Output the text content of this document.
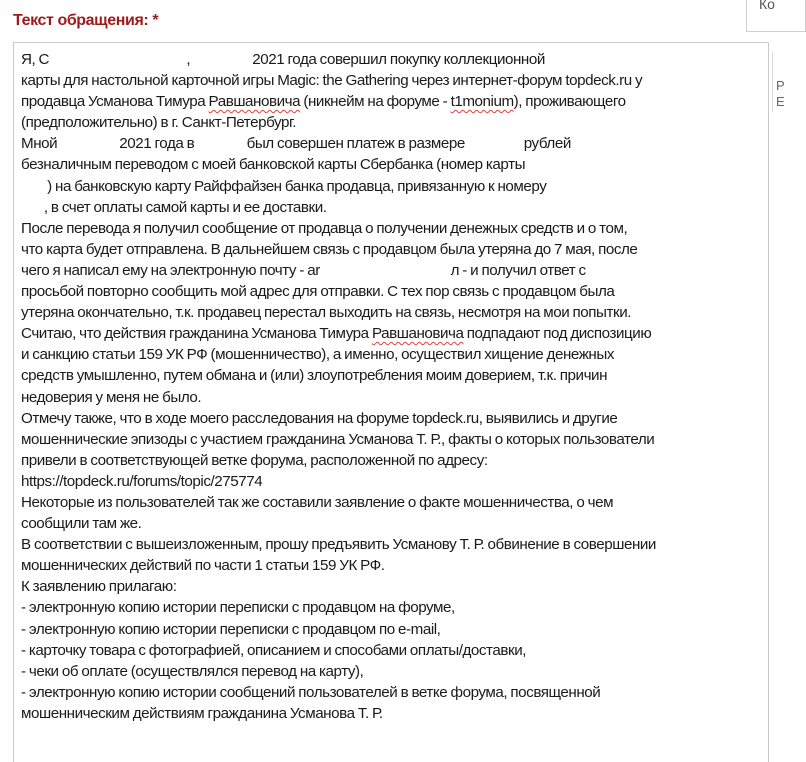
Ко
Р
Е
Текст обращения: *
Я, С                                          ,                   2021 года совершил покупку коллекционной
карты для настольной карточной игры Magic: the Gathering через интернет-форум topdeck.ru у
продавца Усманова Тимура Равшановича (никнейм на форуме - t1monium), проживающего
(предположительно) в г. Санкт-Петербург.
Мной                   2021 года в                был совершен платеж в размере                  рублей
безналичным переводом с моей банковской карты Сбербанка (номер карты
) на банковскую карту Райффайзен банка продавца, привязанную к номеру
, в счет оплаты самой карты и ее доставки.
После перевода я получил сообщение от продавца о получении денежных средств и о том,
что карта будет отправлена. В дальнейшем связь с продавцом была утеряна до 7 мая, после
чего я написал ему на электронную почту - ar                                        л - и получил ответ с
просьбой повторно сообщить мой адрес для отправки. С тех пор связь с продавцом была
утеряна окончательно, т.к. продавец перестал выходить на связь, несмотря на мои попытки.
Считаю, что действия гражданина Усманова Тимура Равшановича подпадают под диспозицию
и санкцию статьи 159 УК РФ (мошенничество), а именно, осуществил хищение денежных
средств умышленно, путем обмана и (или) злоупотребления моим доверием, т.к. причин
недоверия у меня не было.
Отмечу также, что в ходе моего расследования на форуме topdeck.ru, выявились и другие
мошеннические эпизоды с участием гражданина Усманова Т. Р., факты о которых пользователи
привели в соответствующей ветке форума, расположенной по адресу:
https://topdeck.ru/forums/topic/275774
Некоторые из пользователей так же составили заявление о факте мошенничества, о чем
сообщили там же.
В соответствии с вышеизложенным, прошу предъявить Усманову Т. Р. обвинение в совершении
мошеннических действий по части 1 статьи 159 УК РФ.
К заявлению прилагаю:
- электронную копию истории переписки с продавцом на форуме,
- электронную копию истории переписки с продавцом по e-mail,
- карточку товара с фотографией, описанием и способами оплаты/доставки,
- чеки об оплате (осуществлялся перевод на карту),
- электронную копию истории сообщений пользователей в ветке форума, посвященной
мошенническим действиям гражданина Усманова Т. Р.
